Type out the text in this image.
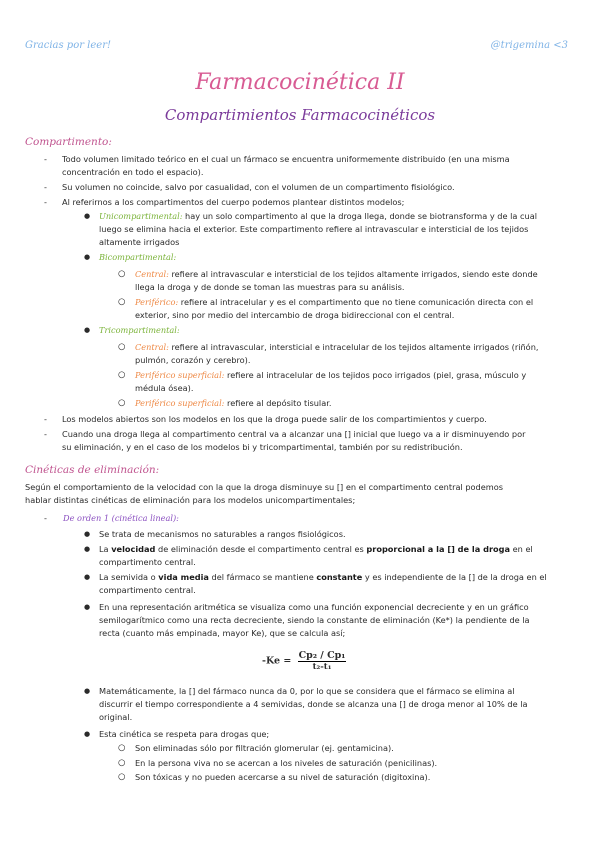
Gracias por leer!	@trigemina <3
Farmacocinética II
Compartimientos Farmacocinéticos
Compartimento:
- Todo volumen limitado teórico en el cual un fármaco se encuentra uniformemente distribuido (en una misma
concentración en todo el espacio).
- Su volumen no coincide, salvo por casualidad, con el volumen de un compartimento fisiológico.
- Al referirnos a los compartimentos del cuerpo podemos plantear distintos modelos;
● Unicompartimental: hay un solo compartimento al que la droga llega, donde se biotransforma y de la cual
luego se elimina hacia el exterior. Este compartimento refiere al intravascular e intersticial de los tejidos
altamente irrigados
● Bicompartimental:
○ Central: refiere al intravascular e intersticial de los tejidos altamente irrigados, siendo este donde
llega la droga y de donde se toman las muestras para su análisis.
○ Periférico: refiere al intracelular y es el compartimento que no tiene comunicación directa con el
exterior, sino por medio del intercambio de droga bidireccional con el central.
● Tricompartimental:
○ Central: refiere al intravascular, intersticial e intracelular de los tejidos altamente irrigados (riñón,
pulmón, corazón y cerebro).
○ Periférico superficial: refiere al intracelular de los tejidos poco irrigados (piel, grasa, músculo y
médula ósea).
○ Periférico superficial: refiere al depósito tisular.
- Los modelos abiertos son los modelos en los que la droga puede salir de los compartimientos y cuerpo.
- Cuando una droga llega al compartimento central va a alcanzar una [] inicial que luego va a ir disminuyendo por
su eliminación, y en el caso de los modelos bi y tricompartimental, también por su redistribución.
Cinéticas de eliminación:
Según el comportamiento de la velocidad con la que la droga disminuye su [] en el compartimento central podemos
hablar distintas cinéticas de eliminación para los modelos unicompartimentales;
- De orden 1 (cinética lineal):
● Se trata de mecanismos no saturables a rangos fisiológicos.
● La velocidad de eliminación desde el compartimento central es proporcional a la [] de la droga en el
compartimento central.
● La semivida o vida media del fármaco se mantiene constante y es independiente de la [] de la droga en el
compartimento central.
● En una representación aritmética se visualiza como una función exponencial decreciente y en un gráfico
semilogarítmico como una recta decreciente, siendo la constante de eliminación (Ke*) la pendiente de la
recta (cuanto más empinada, mayor Ke), que se calcula así;
$-Ke = \frac{\text{Cp₂ / Cp₁}}{\text{t₂-t₁}}$
● Matemáticamente, la [] del fármaco nunca da 0, por lo que se considera que el fármaco se elimina al
discurrir el tiempo correspondiente a 4 semividas, donde se alcanza una [] de droga menor al 10% de la
original.
● Esta cinética se respeta para drogas que;
○ Son eliminadas sólo por filtración glomerular (ej. gentamicina).
○ En la persona viva no se acercan a los niveles de saturación (penicilinas).
○ Son tóxicas y no pueden acercarse a su nivel de saturación (digitoxina).
